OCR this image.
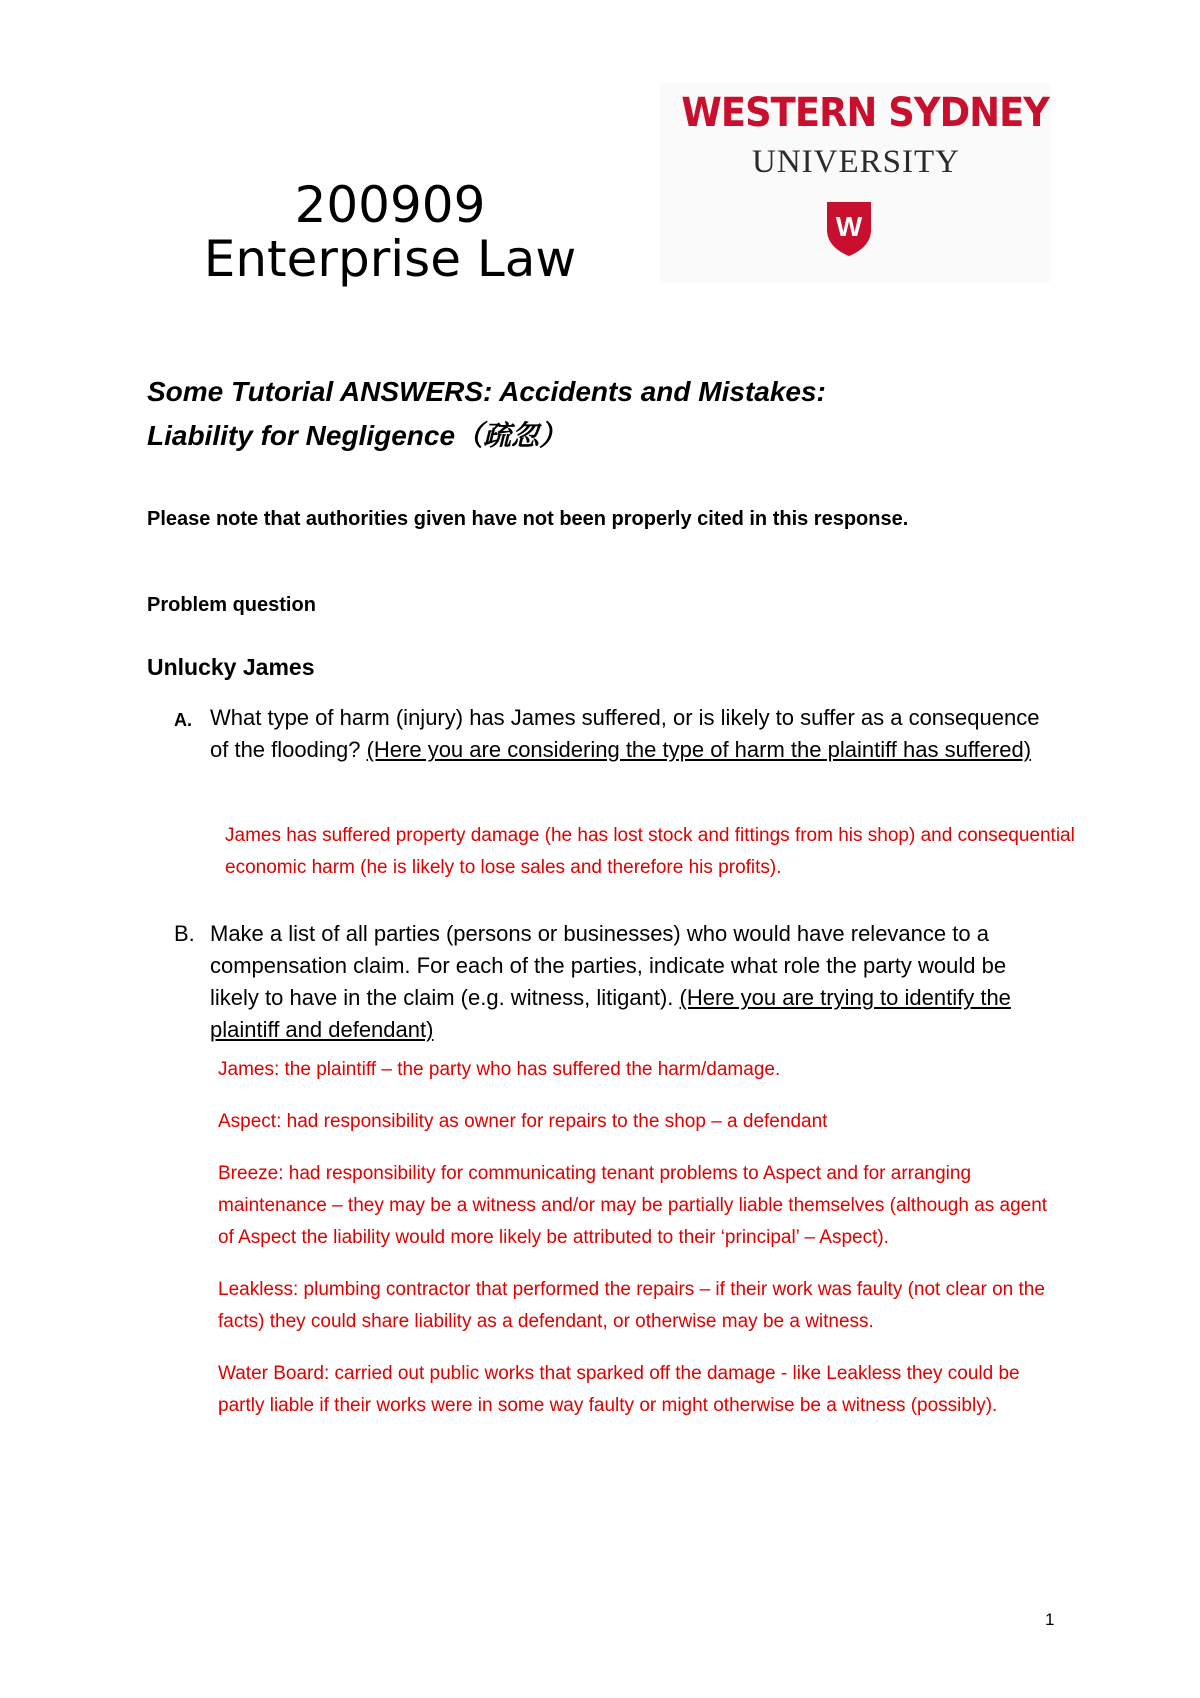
WESTERN SYDNEY
UNIVERSITY
W
200909
Enterprise Law
Some Tutorial ANSWERS: Accidents and Mistakes:
Liability for Negligence（疏忽）
Please note that authorities given have not been properly cited in this response.
Problem question
Unlucky James
A. What type of harm (injury) has James suffered, or is likely to suffer as a consequence of the flooding? (Here you are considering the type of harm the plaintiff has suffered)

James has suffered property damage (he has lost stock and fittings from his shop) and consequential economic harm (he is likely to lose sales and therefore his profits).

B. Make a list of all parties (persons or businesses) who would have relevance to a compensation claim. For each of the parties, indicate what role the party would be likely to have in the claim (e.g. witness, litigant). (Here you are trying to identify the plaintiff and defendant)

James: the plaintiff – the party who has suffered the harm/damage.

Aspect: had responsibility as owner for repairs to the shop – a defendant

Breeze: had responsibility for communicating tenant problems to Aspect and for arranging maintenance – they may be a witness and/or may be partially liable themselves (although as agent of Aspect the liability would more likely be attributed to their ‘principal’ – Aspect).

Leakless: plumbing contractor that performed the repairs – if their work was faulty (not clear on the facts) they could share liability as a defendant, or otherwise may be a witness.

Water Board: carried out public works that sparked off the damage - like Leakless they could be partly liable if their works were in some way faulty or might otherwise be a witness (possibly).

1
